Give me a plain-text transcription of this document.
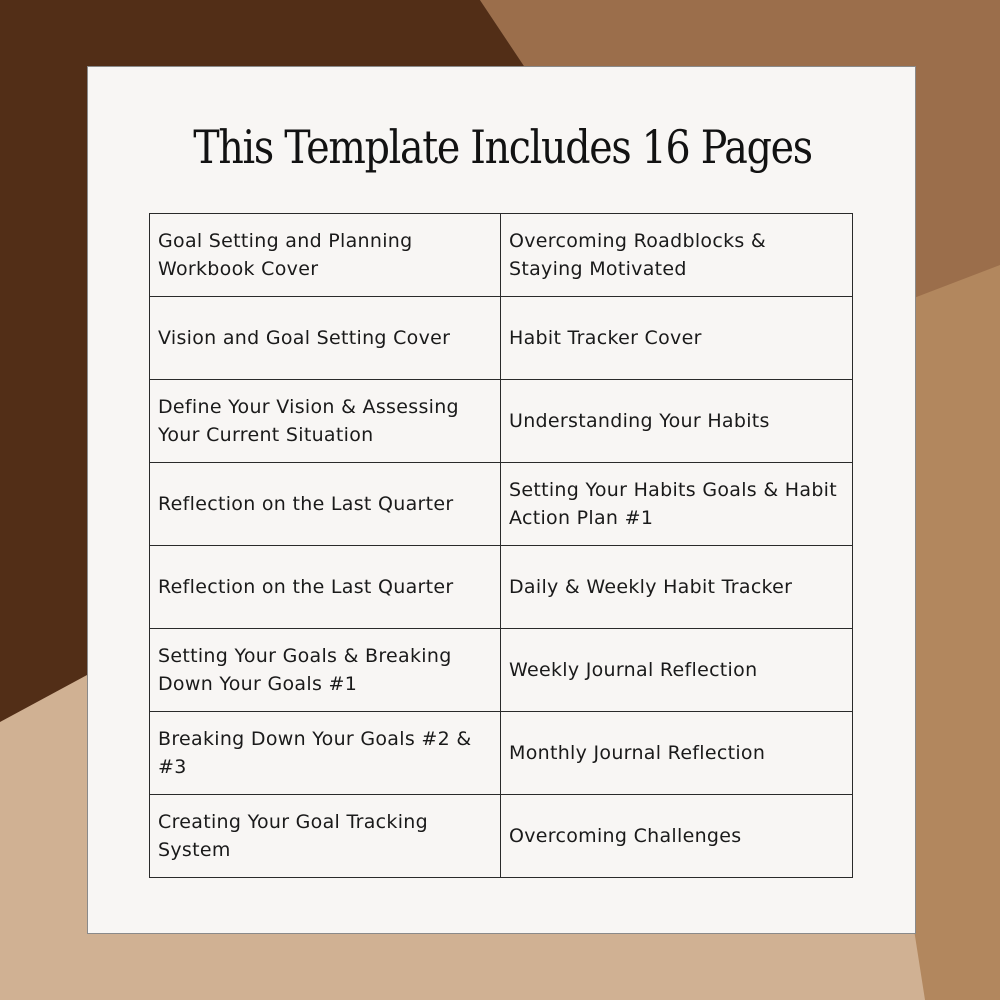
This Template Includes 16 Pages
Goal Setting and Planning Workbook Cover	Overcoming Roadblocks & Staying Motivated
Vision and Goal Setting Cover	Habit Tracker Cover
Define Your Vision & Assessing Your Current Situation	Understanding Your Habits
Reflection on the Last Quarter	Setting Your Habits Goals & Habit Action Plan #1
Reflection on the Last Quarter	Daily & Weekly Habit Tracker
Setting Your Goals & Breaking Down Your Goals #1	Weekly Journal Reflection
Breaking Down Your Goals #2 & #3	Monthly Journal Reflection
Creating Your Goal Tracking System	Overcoming Challenges
